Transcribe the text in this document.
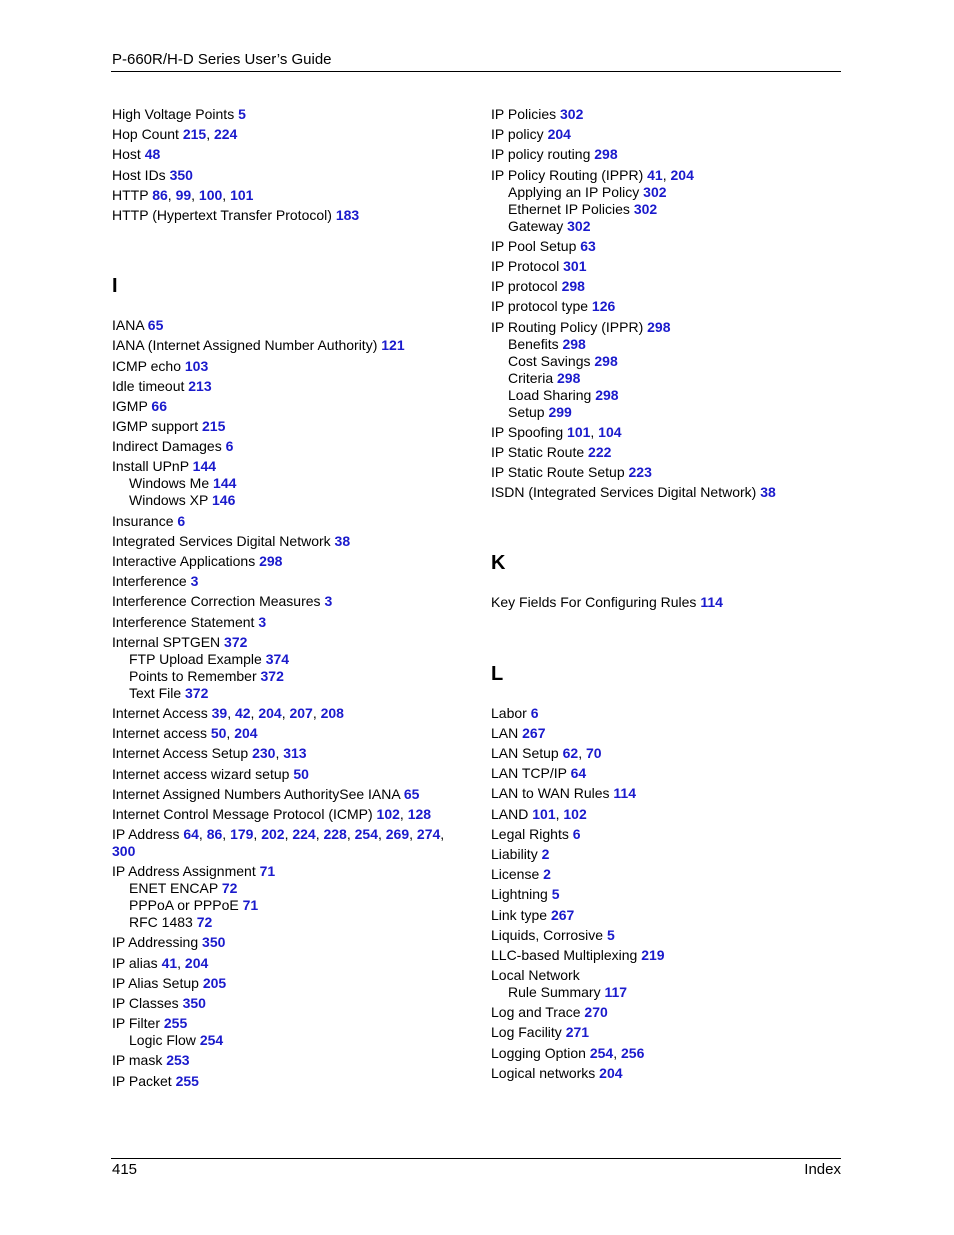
P-660R/H-D Series User’s Guide
High Voltage Points 5
Hop Count 215, 224
Host 48
Host IDs 350
HTTP 86, 99, 100, 101
HTTP (Hypertext Transfer Protocol) 183
I
IANA 65
IANA (Internet Assigned Number Authority) 121
ICMP echo 103
Idle timeout 213
IGMP 66
IGMP support 215
Indirect Damages 6
Install UPnP 144
Windows Me 144
Windows XP 146
Insurance 6
Integrated Services Digital Network 38
Interactive Applications 298
Interference 3
Interference Correction Measures 3
Interference Statement 3
Internal SPTGEN 372
FTP Upload Example 374
Points to Remember 372
Text File 372
Internet Access 39, 42, 204, 207, 208
Internet access 50, 204
Internet Access Setup 230, 313
Internet access wizard setup 50
Internet Assigned Numbers AuthoritySee IANA 65
Internet Control Message Protocol (ICMP) 102, 128
IP Address 64, 86, 179, 202, 224, 228, 254, 269, 274, 300
IP Address Assignment 71
ENET ENCAP 72
PPPoA or PPPoE 71
RFC 1483 72
IP Addressing 350
IP alias 41, 204
IP Alias Setup 205
IP Classes 350
IP Filter 255
Logic Flow 254
IP mask 253
IP Packet 255
IP Policies 302
IP policy 204
IP policy routing 298
IP Policy Routing (IPPR) 41, 204
Applying an IP Policy 302
Ethernet IP Policies 302
Gateway 302
IP Pool Setup 63
IP Protocol 301
IP protocol 298
IP protocol type 126
IP Routing Policy (IPPR) 298
Benefits 298
Cost Savings 298
Criteria 298
Load Sharing 298
Setup 299
IP Spoofing 101, 104
IP Static Route 222
IP Static Route Setup 223
ISDN (Integrated Services Digital Network) 38
K
Key Fields For Configuring Rules 114
L
Labor 6
LAN 267
LAN Setup 62, 70
LAN TCP/IP 64
LAN to WAN Rules 114
LAND 101, 102
Legal Rights 6
Liability 2
License 2
Lightning 5
Link type 267
Liquids, Corrosive 5
LLC-based Multiplexing 219
Local Network
Rule Summary 117
Log and Trace 270
Log Facility 271
Logging Option 254, 256
Logical networks 204
415	Index
